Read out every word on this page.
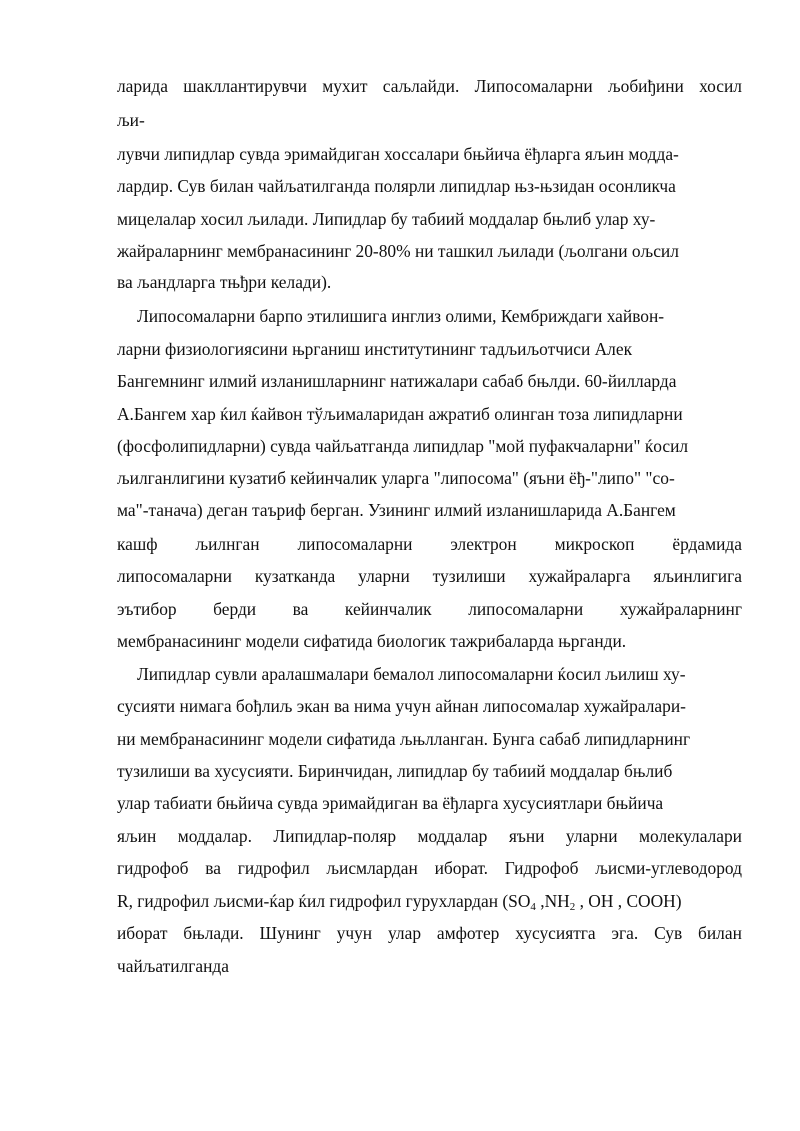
ларида шакллантирувчи мухит саљлайди. Липосомаларни љобиђини хосил
љи-
лувчи липидлар сувда эримайдиган хоссалари бњйича ёђларга яљин модда-
лардир. Сув билан чайљатилганда полярли липидлар њз-њзидан осонликча
мицелалар хосил љилади. Липидлар бу табиий моддалар бњлиб улар ху-
жайраларнинг мембранасининг 20-80% ни ташкил љилади (љолгани ољсил
ва љандларга тњђри келади).
Липосомаларни барпо этилишига инглиз олими, Кембриждаги хайвон-
ларни физиологиясини њрганиш институтининг тадљиљотчиси Алек
Бангемнинг илмий изланишларнинг натижалари сабаб бњлди. 60-йилларда
А.Бангем хар ќил ќайвон тўљималаридан ажратиб олинган тоза липидларни
(фосфолипидларни) сувда чайљатганда липидлар "мой пуфакчаларни" ќосил
љилганлигини кузатиб кейинчалик уларга "липосома" (яъни ёђ-"липо" "со-
ма"-танача) деган таъриф берган. Узининг илмий изланишларида А.Бангем
кашф љилнган липосомаларни электрон микроскоп ёрдамида
липосомаларни кузатканда уларни тузилиши хужайраларга яљинлигига
эътибор берди ва кейинчалик липосомаларни хужайраларнинг
мембранасининг модели сифатида биологик тажрибаларда њрганди.
Липидлар сувли аралашмалари бемалол липосомаларни ќосил љилиш ху-
сусияти нимага бођлиљ экан ва нима учун айнан липосомалар хужайралари-
ни мембранасининг модели сифатида љњлланган. Бунга сабаб липидларнинг
тузилиши ва хусусияти. Биринчидан, липидлар бу табиий моддалар бњлиб
улар табиати бњйича сувда эримайдиган ва ёђларга хусусиятлари бњйича
яљин моддалар. Липидлар-поляр моддалар яъни уларни молекулалари
гидрофоб ва гидрофил љисмлардан иборат. Гидрофоб љисми-углеводород
R, гидрофил љисми-ќар ќил гидрофил гурухлардан ($SO_4$ $,NH_2$ , OH , COOH)
иборат бњлади. Шунинг учун улар амфотер хусусиятга эга. Сув билан
чайљатилганда
